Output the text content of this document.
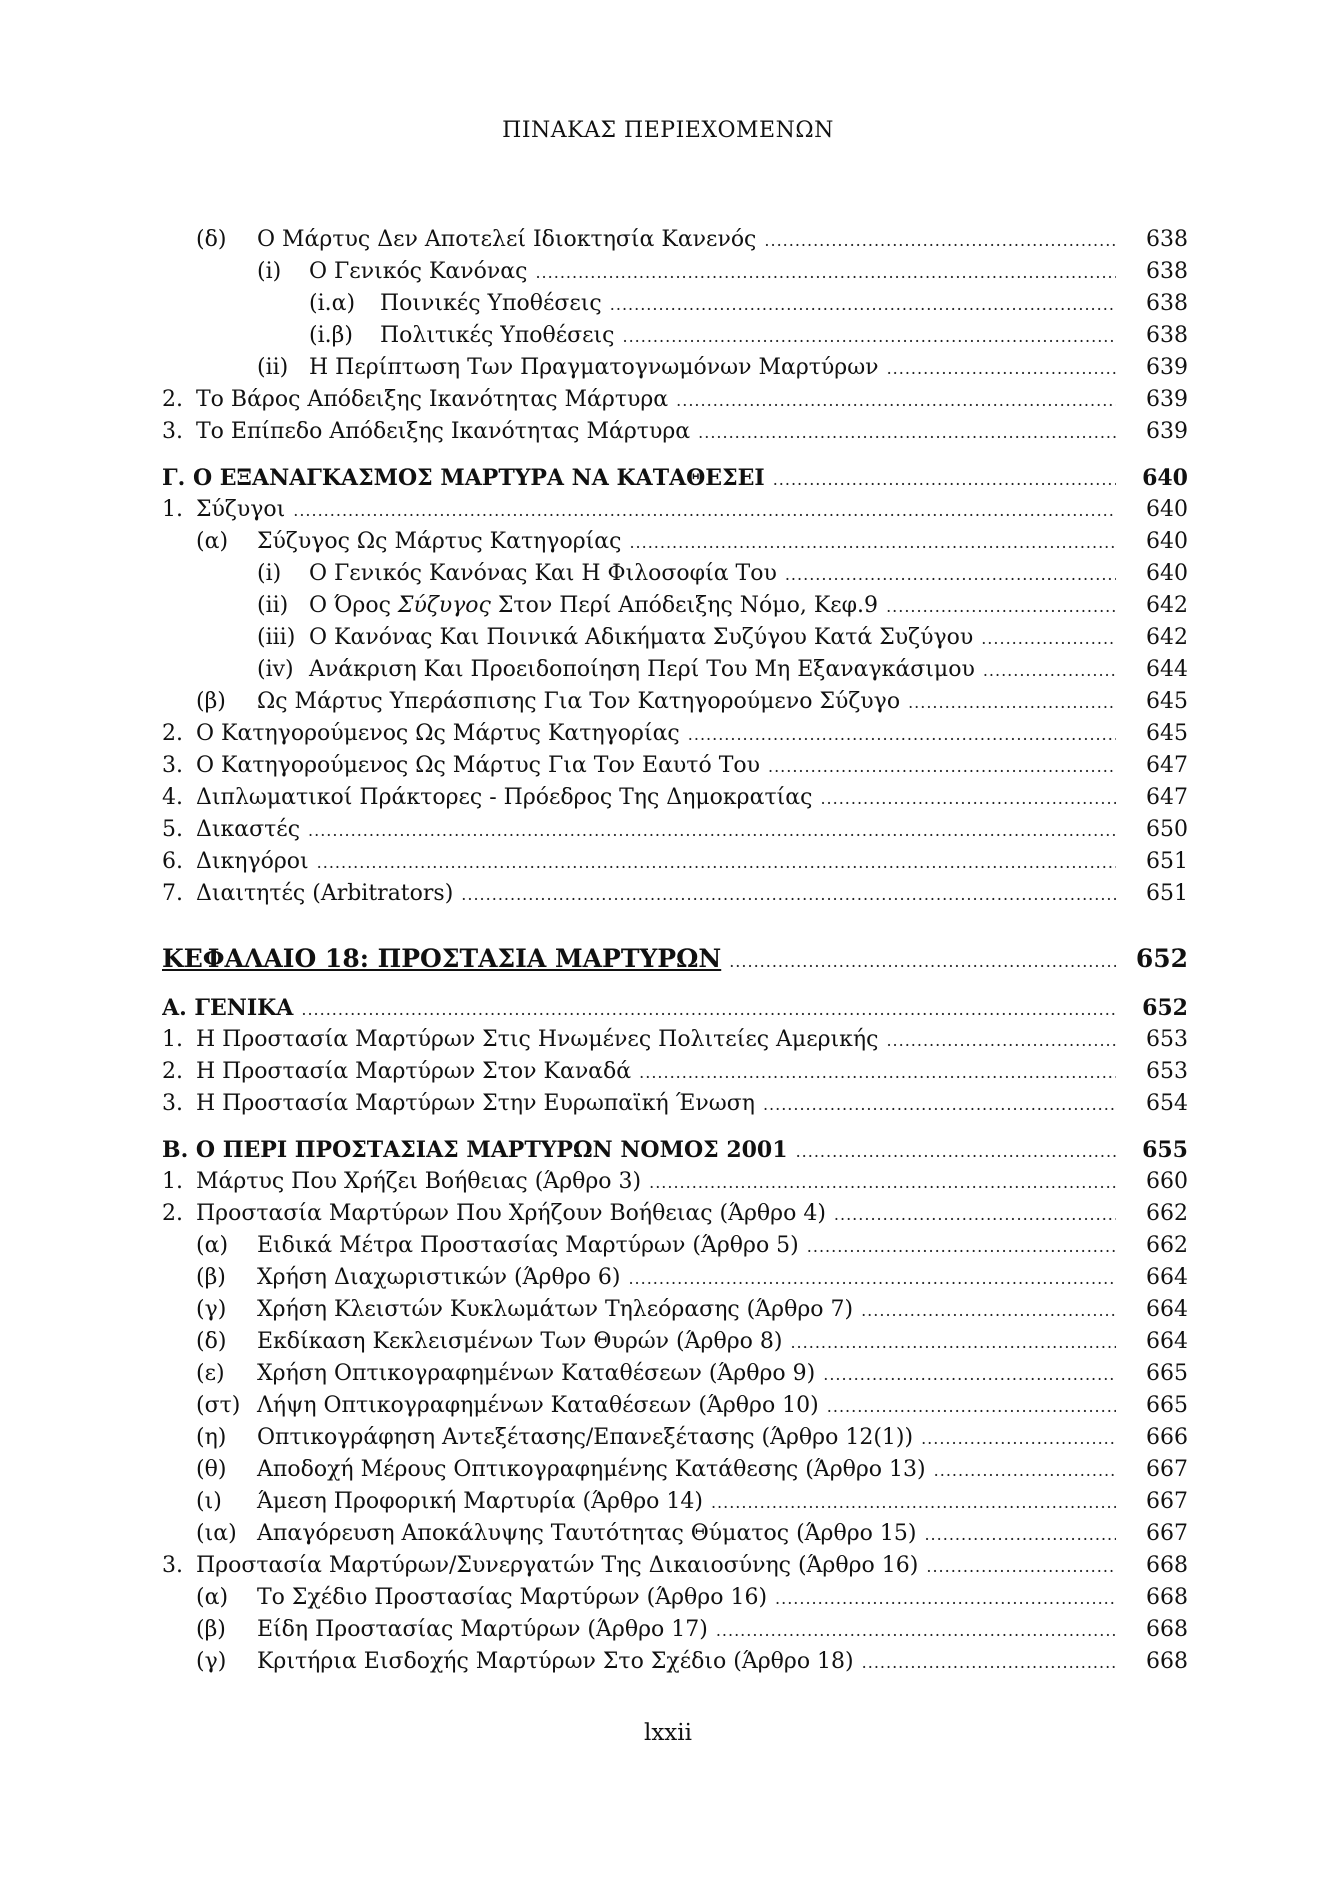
ΠΙΝΑΚΑΣ ΠΕΡΙΕΧΟΜΕΝΩΝ
(δ)	Ο Μάρτυς Δεν Αποτελεί Ιδιοκτησία Κανενός .....	638
(i)	Ο Γενικός Κανόνας .....	638
(i.α)	Ποινικές Υποθέσεις .....	638
(i.β)	Πολιτικές Υποθέσεις .....	638
(ii) Η Περίπτωση Των Πραγματογνωμόνων Μαρτύρων .....	639
2. Το Βάρος Απόδειξης Ικανότητας Μάρτυρα .....	639
3. Το Επίπεδο Απόδειξης Ικανότητας Μάρτυρα .....	639
Γ. Ο ΕΞΑΝΑΓΚΑΣΜΟΣ ΜΑΡΤΥΡΑ ΝΑ ΚΑΤΑΘΕΣΕΙ .....	640
1. Σύζυγοι .....	640
(α)	Σύζυγος Ως Μάρτυς Κατηγορίας .....	640
(i)	Ο Γενικός Κανόνας Και Η Φιλοσοφία Του .....	640
(ii) Ο Όρος Σύζυγος Στον Περί Απόδειξης Νόμο, Κεφ.9 .....	642
(iii) Ο Κανόνας Και Ποινικά Αδικήματα Συζύγου Κατά Συζύγου .....	642
(iv) Ανάκριση Και Προειδοποίηση Περί Του Μη Εξαναγκάσιμου .....	644
(β)	Ως Μάρτυς Υπεράσπισης Για Τον Κατηγορούμενο Σύζυγο .....	645
2. Ο Κατηγορούμενος Ως Μάρτυς Κατηγορίας .....	645
3. Ο Κατηγορούμενος Ως Μάρτυς Για Τον Εαυτό Του .....	647
4. Διπλωματικοί Πράκτορες - Πρόεδρος Της Δημοκρατίας .....	647
5. Δικαστές .....	650
6. Δικηγόροι .....	651
7. Διαιτητές (Arbitrators) .....	651
ΚΕΦΑΛΑΙΟ 18: ΠΡΟΣΤΑΣΙΑ ΜΑΡΤΥΡΩΝ .....	652
Α. ΓΕΝΙΚΑ .....	652
1. Η Προστασία Μαρτύρων Στις Ηνωμένες Πολιτείες Αμερικής .....	653
2. Η Προστασία Μαρτύρων Στον Καναδά .....	653
3. Η Προστασία Μαρτύρων Στην Ευρωπαϊκή Ένωση .....	654
Β. Ο ΠΕΡΙ ΠΡΟΣΤΑΣΙΑΣ ΜΑΡΤΥΡΩΝ ΝΟΜΟΣ 2001 .....	655
1. Μάρτυς Που Χρήζει Βοήθειας (Άρθρο 3) .....	660
2. Προστασία Μαρτύρων Που Χρήζουν Βοήθειας (Άρθρο 4) .....	662
(α)	Ειδικά Μέτρα Προστασίας Μαρτύρων (Άρθρο 5) .....	662
(β)	Χρήση Διαχωριστικών (Άρθρο 6) .....	664
(γ)	Χρήση Κλειστών Κυκλωμάτων Τηλεόρασης (Άρθρο 7) .....	664
(δ)	Εκδίκαση Κεκλεισμένων Των Θυρών (Άρθρο 8) .....	664
(ε)	Χρήση Οπτικογραφημένων Καταθέσεων (Άρθρο 9) .....	665
(στ) Λήψη Οπτικογραφημένων Καταθέσεων (Άρθρο 10) .....	665
(η)	Οπτικογράφηση Αντεξέτασης/Επανεξέτασης (Άρθρο 12(1)) .....	666
(θ)	Αποδοχή Μέρους Οπτικογραφημένης Κατάθεσης (Άρθρο 13) .....	667
(ι)	Άμεση Προφορική Μαρτυρία (Άρθρο 14) .....	667
(ια) Απαγόρευση Αποκάλυψης Ταυτότητας Θύματος (Άρθρο 15) .....	667
3. Προστασία Μαρτύρων/Συνεργατών Της Δικαιοσύνης (Άρθρο 16) .....	668
(α)	Το Σχέδιο Προστασίας Μαρτύρων (Άρθρο 16) .....	668
(β)	Είδη Προστασίας Μαρτύρων (Άρθρο 17) .....	668
(γ)	Κριτήρια Εισδοχής Μαρτύρων Στο Σχέδιο (Άρθρο 18) .....	668
lxxii
